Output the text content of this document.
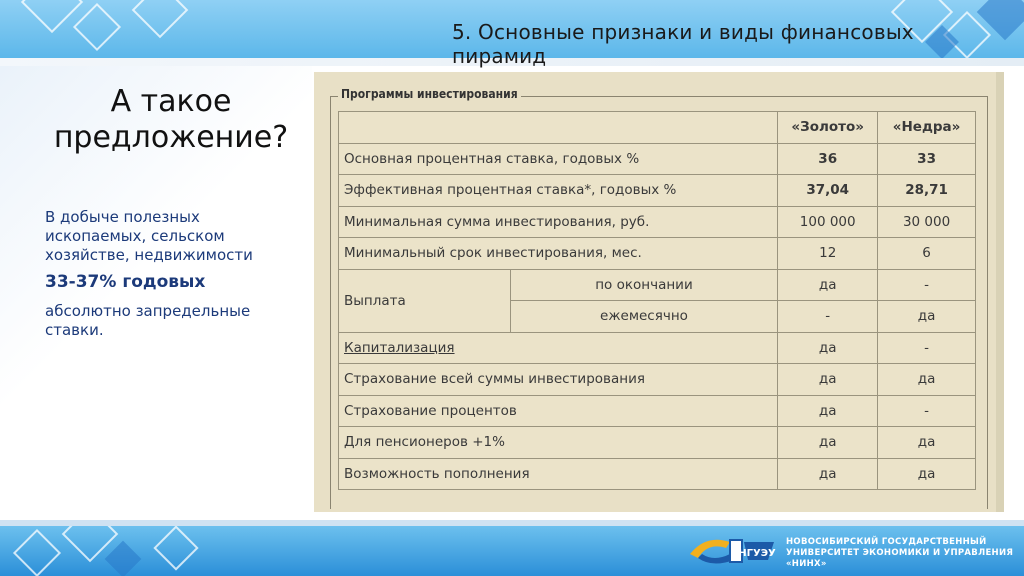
5. Основные признаки и виды финансовых пирамид
А такое предложение?
В добыче полезных ископаемых, сельском хозяйстве, недвижимости
33-37% годовых
абсолютно запредельные ставки.
Программы инвестирования
		«Золото»	«Недра»
Основная процентная ставка, годовых %		36	33
Эффективная процентная ставка*, годовых %		37,04	28,71
Минимальная сумма инвестирования, руб.		100 000	30 000
Минимальный срок инвестирования, мес.		12	6
Выплата	по окончании	да	-
	ежемесячно	-	да
Капитализация		да	-
Страхование всей суммы инвестирования		да	да
Страхование процентов		да	-
Для пенсионеров +1%		да	да
Возможность пополнения		да	да
НГУЭУ
НОВОСИБИРСКИЙ ГОСУДАРСТВЕННЫЙ
УНИВЕРСИТЕТ ЭКОНОМИКИ И УПРАВЛЕНИЯ «НИНХ»
